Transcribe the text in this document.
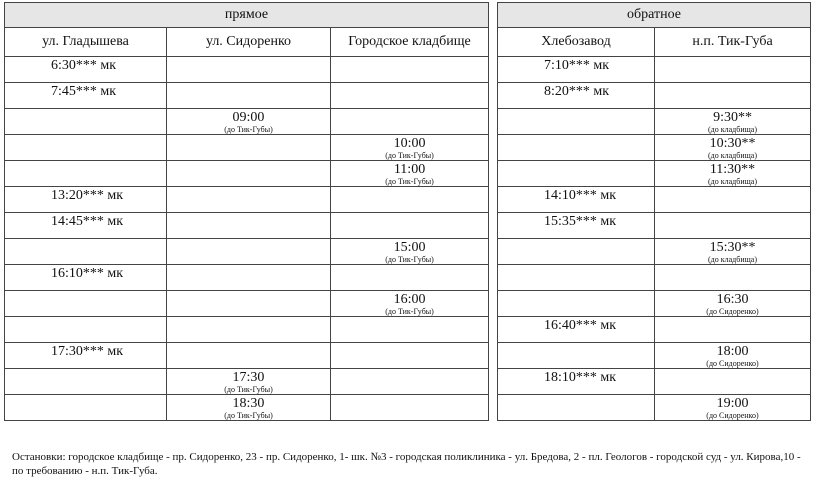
прямое		
ул. Гладышева	ул. Сидоренко	Городское кладбище

6:30*** мк		

7:45*** мк		

	09:00
(до Тик-Губы)	

		10:00
(до Тик-Губы)

		11:00
(до Тик-Губы)

13:20*** мк		

14:45*** мк		

		15:00
(до Тик-Губы)

16:10*** мк		

		16:00
(до Тик-Губы)

17:30*** мк		

	17:30
(до Тик-Губы)	

	18:30
(до Тик-Губы)	

обратное	
Хлебозавод	н.п. Тик-Губа

7:10*** мк	

8:20*** мк	

	9:30**
(до кладбища)

	10:30**
(до кладбища)

	11:30**
(до кладбища)

14:10*** мк	

15:35*** мк	

	15:30**
(до кладбища)

	16:30
(до Сидоренко)

16:40*** мк	

	18:00
(до Сидоренко)

18:10*** мк	

	19:00
(до Сидоренко)
Остановки: городское кладбище - пр. Сидоренко, 23 - пр. Сидоренко, 1- шк. №3 - городская поликлиника - ул. Бредова, 2 - пл. Геологов - городской суд - ул. Кирова,10 - по требованию - н.п. Тик-Губа.
